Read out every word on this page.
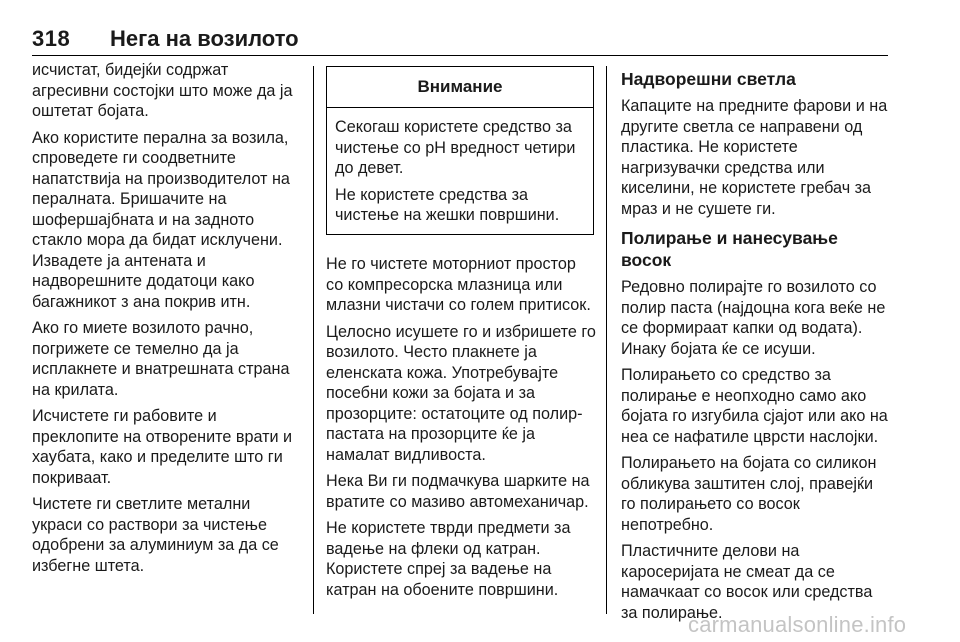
318	Нега на возилото

исчистат, бидејќи содржат агресивни состојки што може да ја оштетат бојата.

Ако користите перална за возила, спроведете ги соодветните напатствија на производителот на пералната. Бришачите на шофершајбната и на задното стакло мора да бидат исклучени. Извадете ја антената и надворешните додатоци како багажникот з ана покрив итн.

Ако го миете возилото рачно, погрижете се темелно да ја исплакнете и внатрешната страна на крилата.

Исчистете ги рабовите и преклопите на отворените врати и хаубата, како и пределите што ги покриваат.

Чистете ги светлите метални украси со раствори за чистење одобрени за алуминиум за да се избегне штета.

Внимание

Секогаш користете средство за чистење со pH вредност четири до девет.

Не користете средства за чистење на жешки површини.

Не го чистете моторниот простор со компресорска млазница или млазни чистачи со голем притисок.

Целосно исушете го и избришете го возилото. Често плакнете ја еленската кожа. Употребувајте посебни кожи за бојата и за прозорците: остатоците од полир-пастата на прозорците ќе ја намалат видливоста.

Нека Ви ги подмачкува шарките на вратите со мазиво автомеханичар.

Не користете тврди предмети за вадење на флеки од катран. Користете спрej за вадење на катран на обоените површини.

Надворешни светла

Капаците на предните фарови и на другите светла се направени од пластика. Не користете нагризувачки средства или киселини, не користете гребач за мраз и не сушете ги.

Полирање и нанесување восок

Редовно полирајте го возилото со полир паста (најдоцна кога веќе не се формираат капки од водата). Инаку бојата ќе се исуши.

Полирањето со средство за полирање е неопходно само ако бојата го изгубила сјајот или ако на неа се нафатиле цврсти наслојки.

Полирањето на бојата со силикон обликува заштитен слој, правејќи го полирањето со восок непотребно.

Пластичните делови на каросеријата не смеат да се намачкаат со восок или средства за полирање.

carmanualsonline.info
